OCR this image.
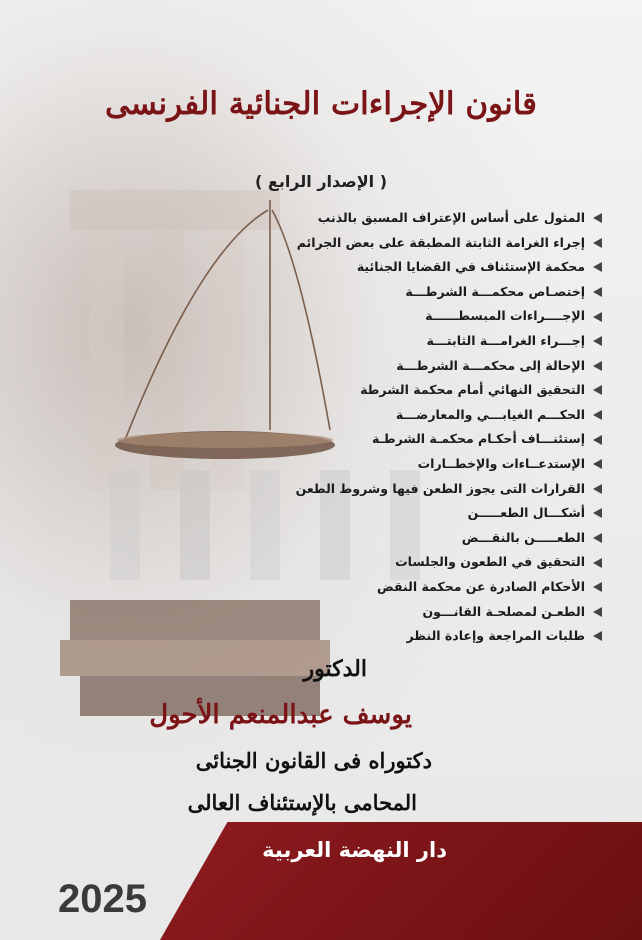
قانون الإجراءات الجنائية الفرنسى
( الإصدار الرابع )
المثول على أساس الإعتراف المسبق بالذنب
إجراء الغرامة الثابتة المطبقة على بعض الجرائم
محكمة الإستئناف في القضايا الجنائية
إختصـاص محكمـــة الشرطـــة
الإجــــراءات المبسطــــــة
إجـــراء الغرامـــة الثابتـــة
الإحالة إلى محكمـــة الشرطـــة
التحقيق النهائي أمام محكمة الشرطة
الحكـــم الغيابـــي والمعارضـــة
إستئنـــاف أحكـام محكمـة الشرطـة
الإستدعــاءات والإخطــارات
القرارات التى يجوز الطعن فيها وشروط الطعن
أشكـــال الطعـــــن
الطعـــــن بالنقـــض
التحقيق في الطعون والجلسات
الأحكام الصادرة عن محكمة النقض
الطعـن لمصلحـة القانـــون
طلبات المراجعة وإعادة النظر
الدكتور
يوسف عبدالمنعم الأحول
دكتوراه فى القانون الجنائى
المحامى بالإستئناف العالى
دار النهضة العربية
2025
